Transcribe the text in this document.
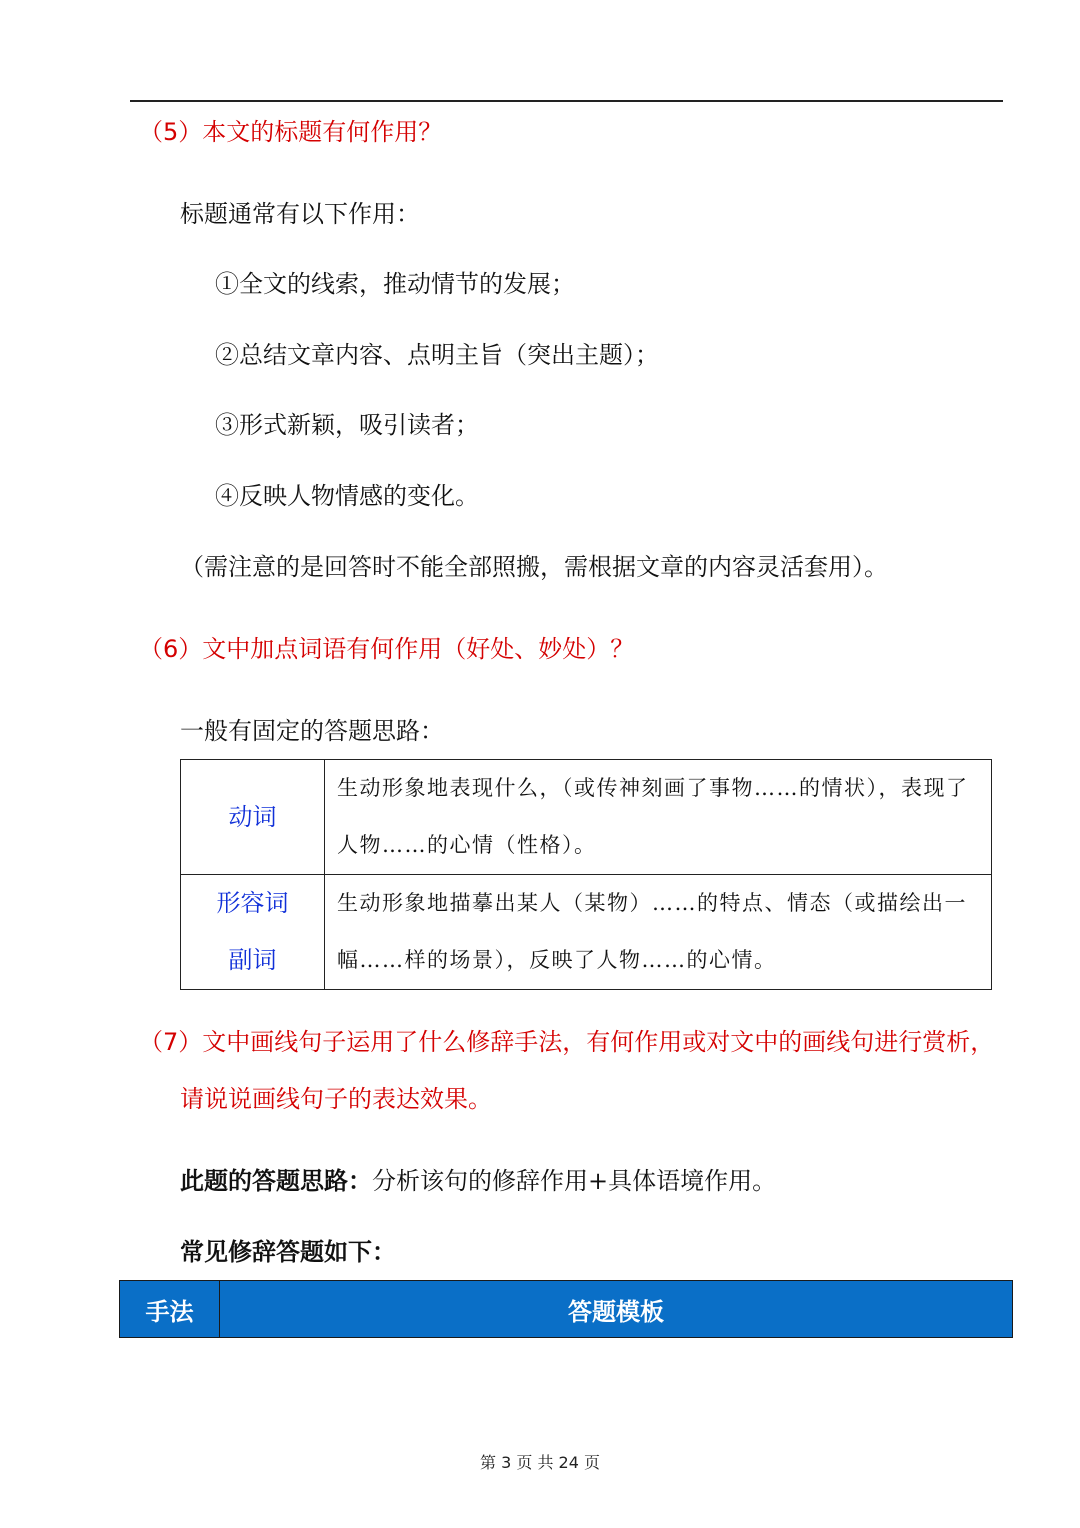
（5）本文的标题有何作用？
标题通常有以下作用：
①全文的线索，推动情节的发展；
②总结文章内容、点明主旨（突出主题）；
③形式新颖，吸引读者；
④反映人物情感的变化。
（需注意的是回答时不能全部照搬，需根据文章的内容灵活套用）。
（6）文中加点词语有何作用（好处、妙处）？
一般有固定的答题思路：
动词	生动形象地表现什么，（或传神刻画了事物……的情状），表现了人物……的心情（性格）。

形容词
副词	生动形象地描摹出某人（某物）……的特点、情态（或描绘出一幅……样的场景），反映了人物……的心情。
（7）文中画线句子运用了什么修辞手法，有何作用或对文中的画线句进行赏析，
请说说画线句子的表达效果。
此题的答题思路：分析该句的修辞作用+具体语境作用。
常见修辞答题如下：
手法	答题模板
第 3 页 共 24 页
